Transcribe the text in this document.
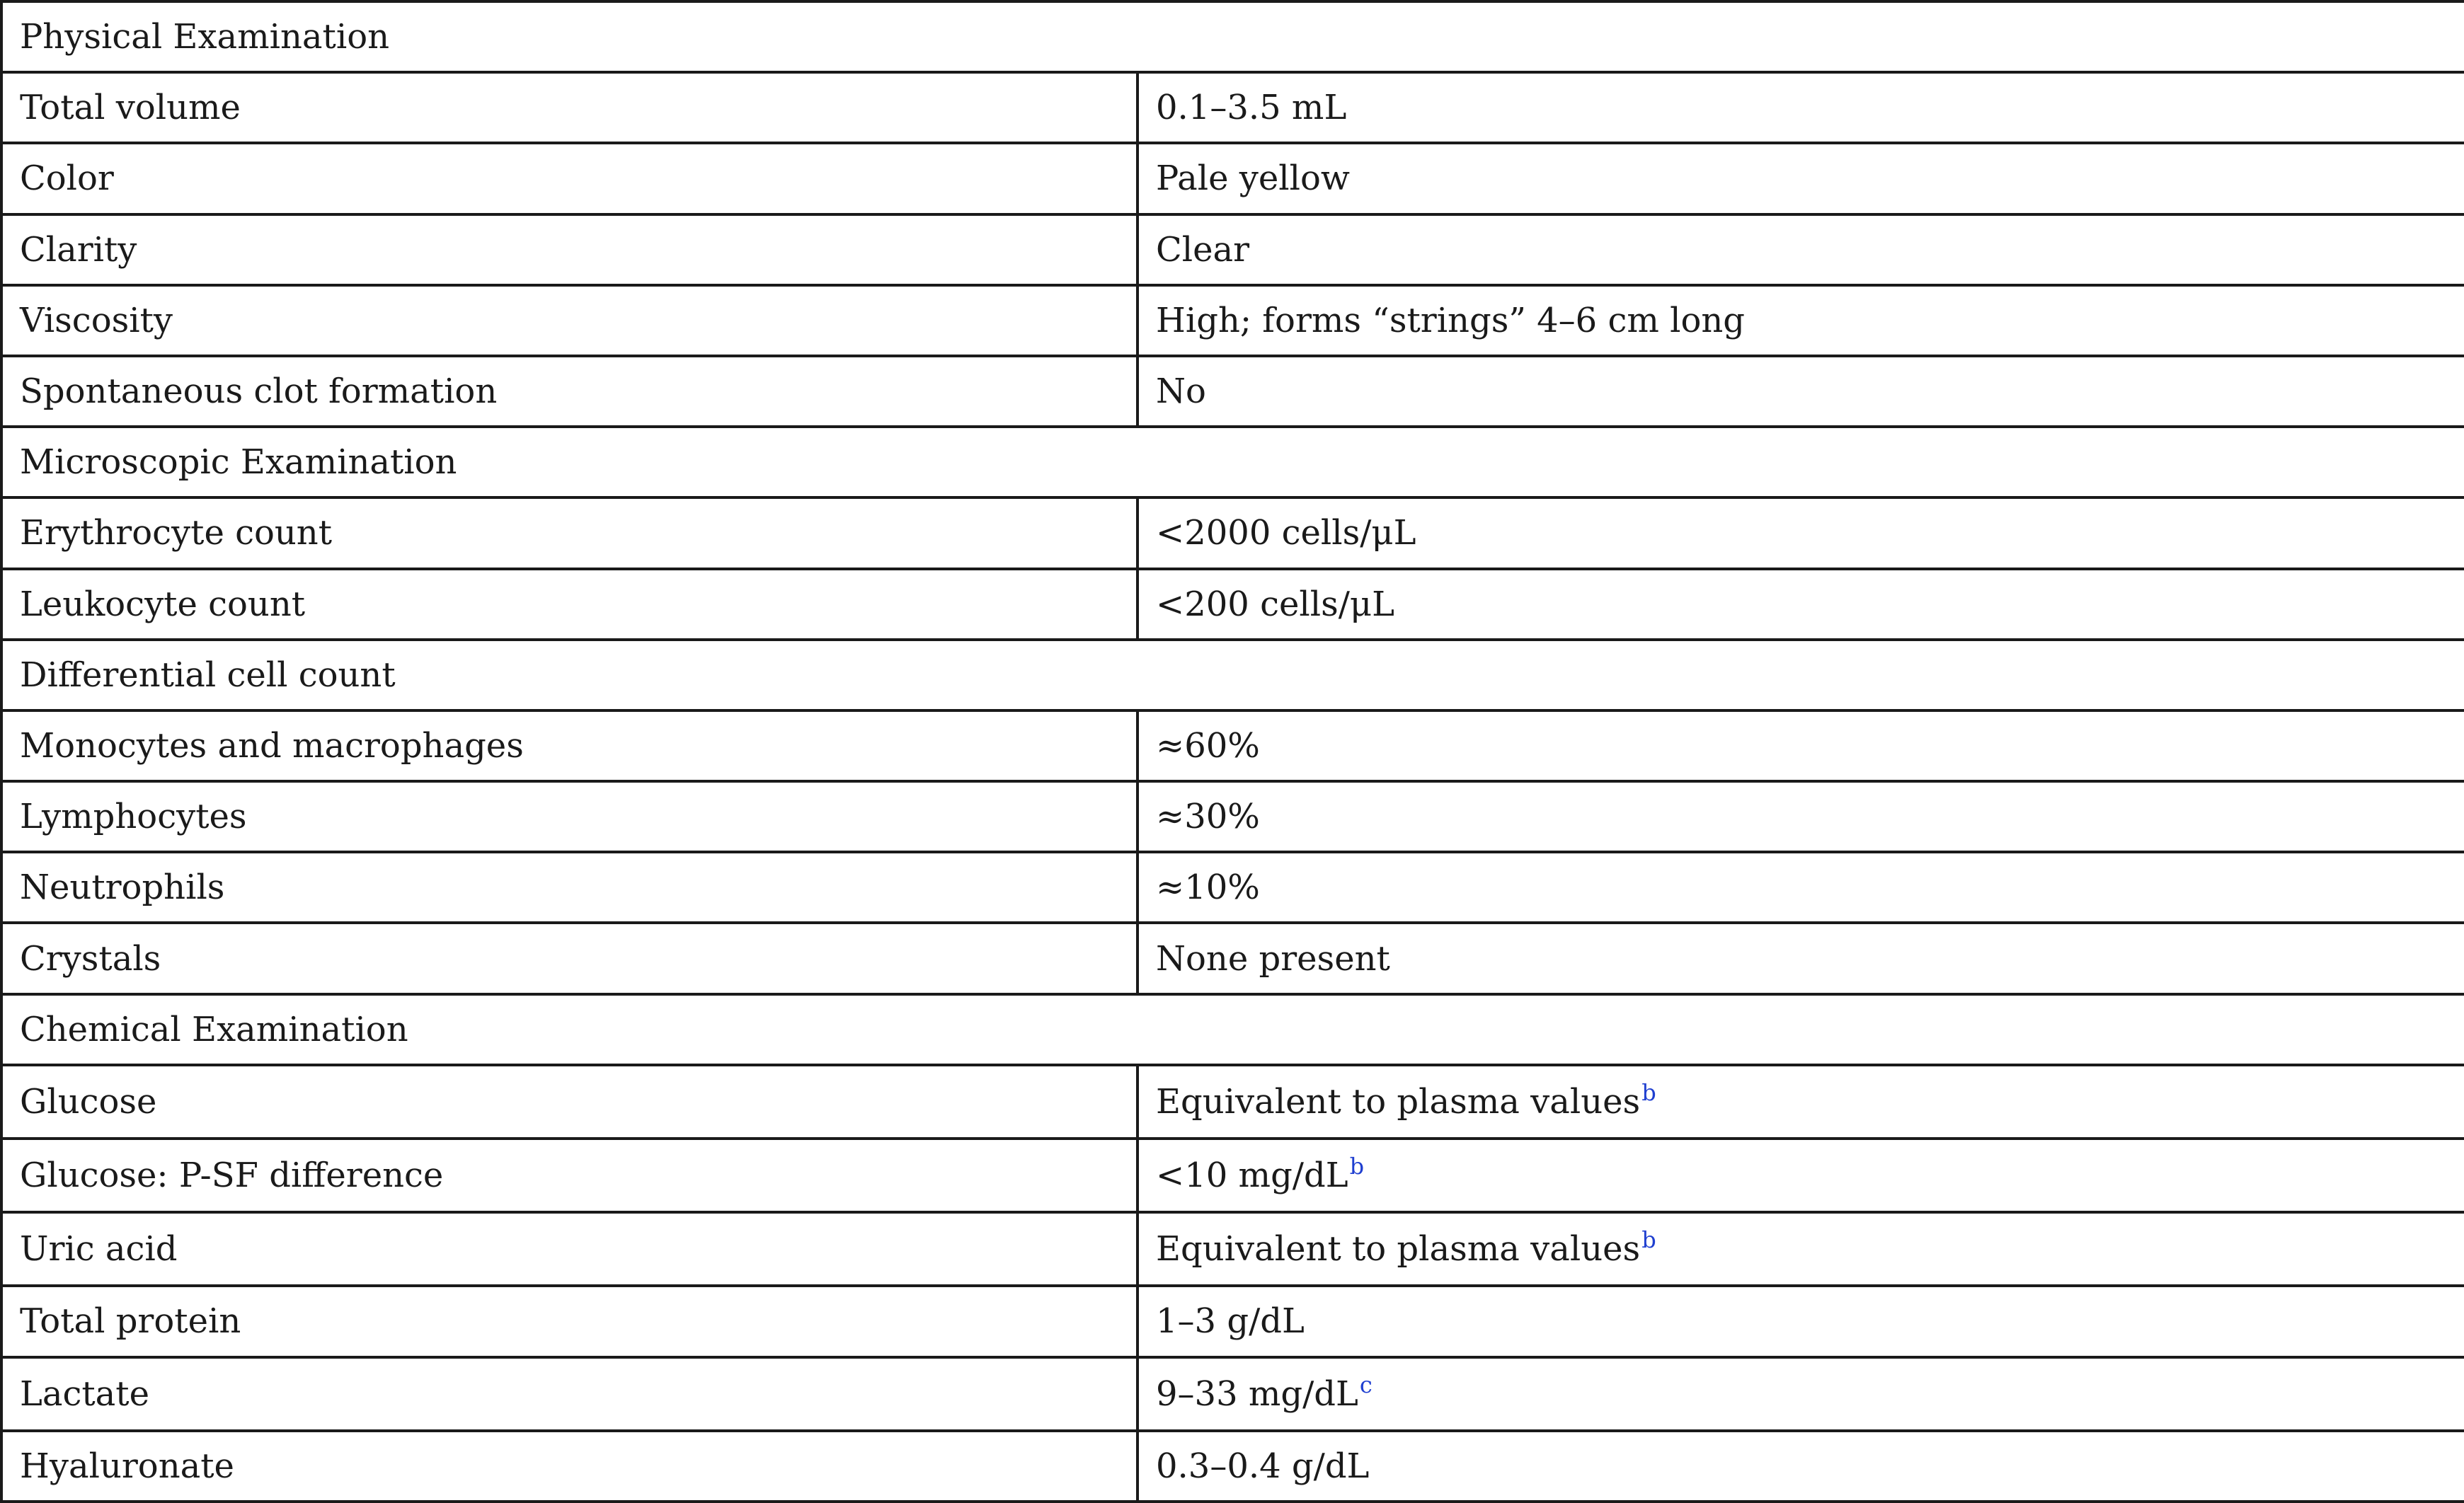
Physical Examination	
Total volume	0.1–3.5 mL
Color	Pale yellow
Clarity	Clear
Viscosity	High; forms “strings” 4–6 cm long
Spontaneous clot formation	No
Microscopic Examination	
Erythrocyte count	<2000 cells/μL
Leukocyte count	<200 cells/μL
Differential cell count	
Monocytes and macrophages	≈60%
Lymphocytes	≈30%
Neutrophils	≈10%
Crystals	None present
Chemical Examination	
Glucose	Equivalent to plasma values$^b$
Glucose: P-SF difference	<10 mg/dL$^b$
Uric acid	Equivalent to plasma values$^b$
Total protein	1–3 g/dL
Lactate	9–33 mg/dL$^c$
Hyaluronate	0.3–0.4 g/dL
